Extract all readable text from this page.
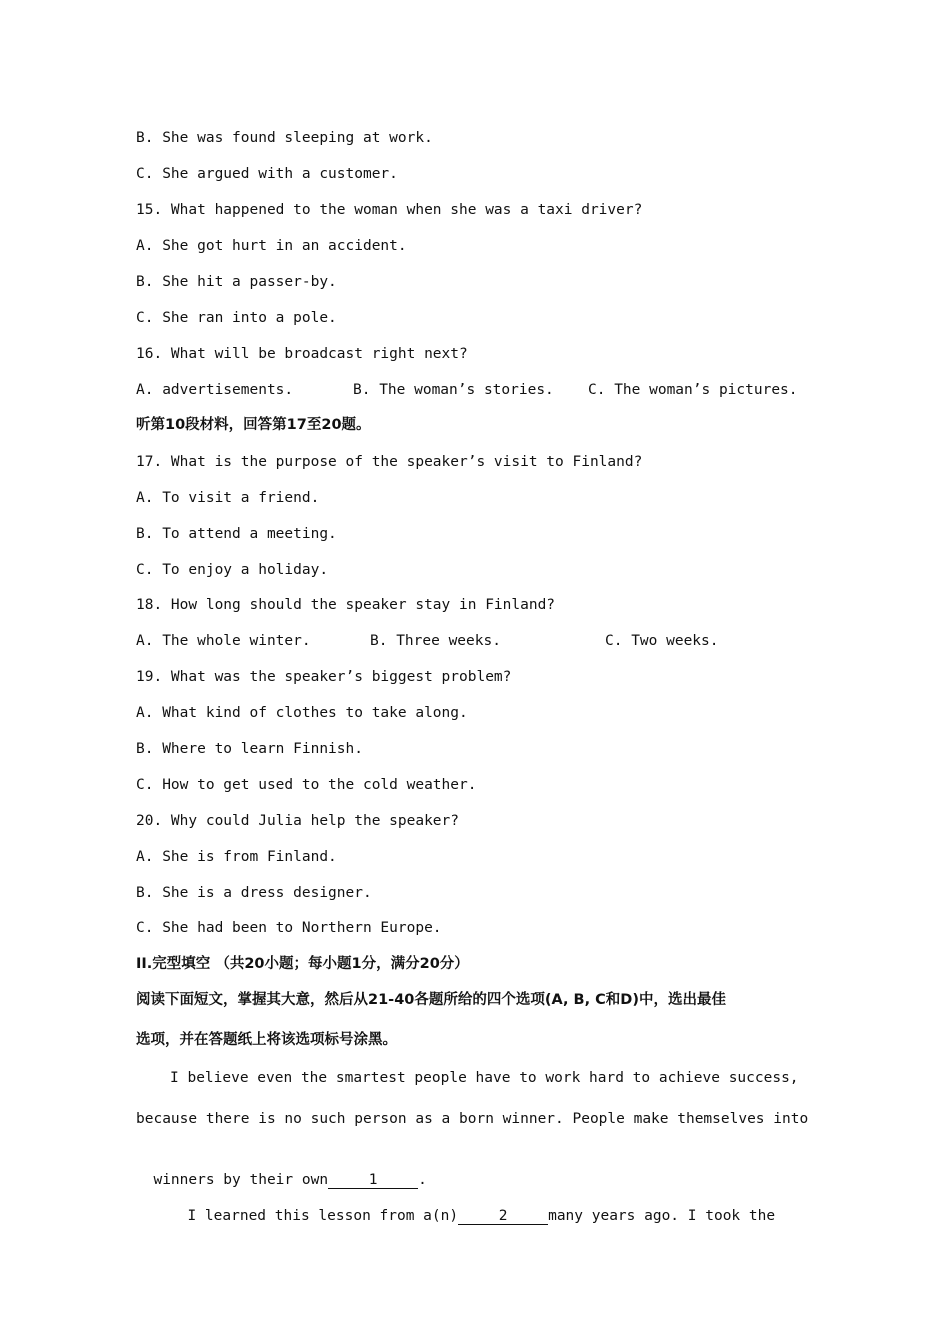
B. She was found sleeping at work.
C. She argued with a customer.
15. What happened to the woman when she was a taxi driver?
A. She got hurt in an accident.
B. She hit a passer-by.
C. She ran into a pole.
16. What will be broadcast right next?
A. advertisements.	B. The woman’s stories. C. The woman’s pictures.
听第10段材料，回答第17至20题。
17. What is the purpose of the speaker’s visit to Finland?
A. To visit a friend.
B. To attend a meeting.
C. To enjoy a holiday.
18. How long should the speaker stay in Finland?
A. The whole winter.	B. Three weeks.	C. Two weeks.
19. What was the speaker’s biggest problem?
A. What kind of clothes to take along.
B. Where to learn Finnish.
C. How to get used to the cold weather.
20. Why could Julia help the speaker?
A. She is from Finland.
B. She is a dress designer.
C. She had been to Northern Europe.
II.完型填空 （共20小题；每小题1分，满分20分）
阅读下面短文，掌握其大意，然后从21-40各题所给的四个选项(A, B, C和D)中，选出最佳
选项，并在答题纸上将该选项标号涂黑。
I believe even the smartest people have to work hard to achieve success,
because there is no such person as a born winner. People make themselves into

winners by their own	1	.

I learned this lesson from a(n)	2	many years ago. I took the
